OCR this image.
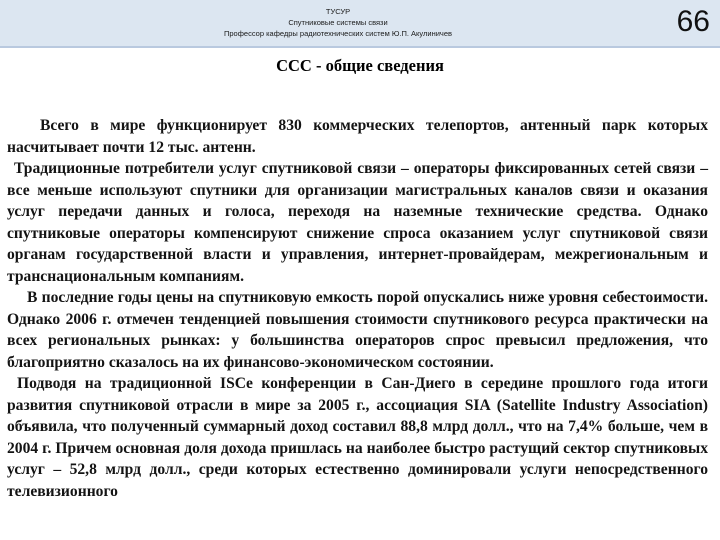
ТУСУР
Спутниковые системы связи
Профессор кафедры радиотехнических систем Ю.П. Акулиничев	66
ССС - общие сведения

Всего в мире функционирует 830 коммерческих телепортов, антенный парк которых насчитывает почти 12 тыс. антенн.

Традиционные потребители услуг спутниковой связи – операторы фиксированных сетей связи – все меньше используют спутники для организации магистральных каналов связи и оказания услуг передачи данных и голоса, переходя на наземные технические средства. Однако спутниковые операторы компенсируют снижение спроса оказанием услуг спутниковой связи органам государственной власти и управления, интернет-провайдерам, межрегиональным и транснациональным компаниям.

В последние годы цены на спутниковую емкость порой опускались ниже уровня себестоимости. Однако 2006 г. отмечен тенденцией повышения стоимости спутникового ресурса практически на всех региональных рынках: у большинства операторов спрос превысил предложения, что благоприятно сказалось на их финансово-экономическом состоянии.

Подводя на традиционной ISCe конференции в Сан-Диего в середине прошлого года итоги развития спутниковой отрасли в мире за 2005 г., ассоциация SIA (Satellite Industry Association) объявила, что полученный суммарный доход составил 88,8 млрд долл., что на 7,4% больше, чем в 2004 г. Причем основная доля дохода пришлась на наиболее быстро растущий сектор спутниковых услуг – 52,8 млрд долл., среди которых естественно доминировали услуги непосредственного телевизионного
